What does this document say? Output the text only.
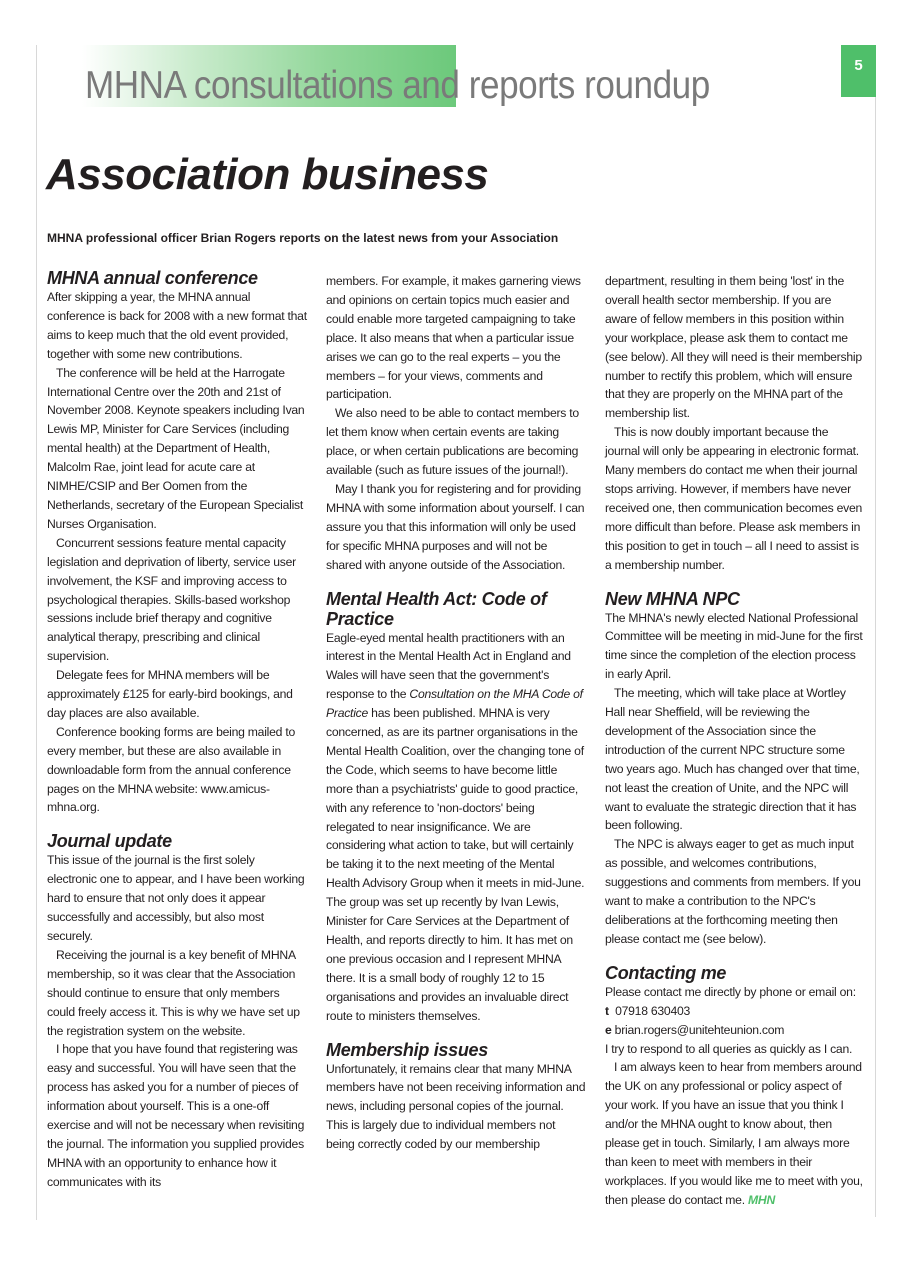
MHNA consultations and reports roundup	5
Association business
MHNA professional officer Brian Rogers reports on the latest news from your Association
MHNA annual conference

After skipping a year, the MHNA annual conference is back for 2008 with a new format that aims to keep much that the old event provided, together with some new contributions.

The conference will be held at the Harrogate International Centre over the 20th and 21st of November 2008. Keynote speakers including Ivan Lewis MP, Minister for Care Services (including mental health) at the Department of Health, Malcolm Rae, joint lead for acute care at NIMHE/CSIP and Ber Oomen from the Netherlands, secretary of the European Specialist Nurses Organisation.

Concurrent sessions feature mental capacity legislation and deprivation of liberty, service user involvement, the KSF and improving access to psychological therapies. Skills-based workshop sessions include brief therapy and cognitive analytical therapy, prescribing and clinical supervision.

Delegate fees for MHNA members will be approximately £125 for early-bird bookings, and day places are also available.

Conference booking forms are being mailed to every member, but these are also available in downloadable form from the annual conference pages on the MHNA website: www.amicus-mhna.org.

Journal update

This issue of the journal is the first solely electronic one to appear, and I have been working hard to ensure that not only does it appear successfully and accessibly, but also most securely.

Receiving the journal is a key benefit of MHNA membership, so it was clear that the Association should continue to ensure that only members could freely access it. This is why we have set up the registration system on the website.

I hope that you have found that registering was easy and successful. You will have seen that the process has asked you for a number of pieces of information about yourself. This is a one-off exercise and will not be necessary when revisiting the journal. The information you supplied provides MHNA with an opportunity to enhance how it communicates with its

members. For example, it makes garnering views and opinions on certain topics much easier and could enable more targeted campaigning to take place. It also means that when a particular issue arises we can go to the real experts – you the members – for your views, comments and participation.

We also need to be able to contact members to let them know when certain events are taking place, or when certain publications are becoming available (such as future issues of the journal!).

May I thank you for registering and for providing MHNA with some information about yourself. I can assure you that this information will only be used for specific MHNA purposes and will not be shared with anyone outside of the Association.

Mental Health Act: Code of Practice

Eagle-eyed mental health practitioners with an interest in the Mental Health Act in England and Wales will have seen that the government's response to the Consultation on the MHA Code of Practice has been published. MHNA is very concerned, as are its partner organisations in the Mental Health Coalition, over the changing tone of the Code, which seems to have become little more than a psychiatrists' guide to good practice, with any reference to 'non-doctors' being relegated to near insignificance. We are considering what action to take, but will certainly be taking it to the next meeting of the Mental Health Advisory Group when it meets in mid-June. The group was set up recently by Ivan Lewis, Minister for Care Services at the Department of Health, and reports directly to him. It has met on one previous occasion and I represent MHNA there. It is a small body of roughly 12 to 15 organisations and provides an invaluable direct route to ministers themselves.

Membership issues

Unfortunately, it remains clear that many MHNA members have not been receiving information and news, including personal copies of the journal. This is largely due to individual members not being correctly coded by our membership

department, resulting in them being 'lost' in the overall health sector membership. If you are aware of fellow members in this position within your workplace, please ask them to contact me (see below). All they will need is their membership number to rectify this problem, which will ensure that they are properly on the MHNA part of the membership list.

This is now doubly important because the journal will only be appearing in electronic format. Many members do contact me when their journal stops arriving. However, if members have never received one, then communication becomes even more difficult than before. Please ask members in this position to get in touch – all I need to assist is a membership number.

New MHNA NPC

The MHNA's newly elected National Professional Committee will be meeting in mid-June for the first time since the completion of the election process in early April.

The meeting, which will take place at Wortley Hall near Sheffield, will be reviewing the development of the Association since the introduction of the current NPC structure some two years ago. Much has changed over that time, not least the creation of Unite, and the NPC will want to evaluate the strategic direction that it has been following.

The NPC is always eager to get as much input as possible, and welcomes contributions, suggestions and comments from members. If you want to make a contribution to the NPC's deliberations at the forthcoming meeting then please contact me (see below).

Contacting me

Please contact me directly by phone or email on:

t 07918 630403

e brian.rogers@unitehteunion.com

I try to respond to all queries as quickly as I can.

I am always keen to hear from members around the UK on any professional or policy aspect of your work. If you have an issue that you think I and/or the MHNA ought to know about, then please get in touch. Similarly, I am always more than keen to meet with members in their workplaces. If you would like me to meet with you, then please do contact me. MHN
